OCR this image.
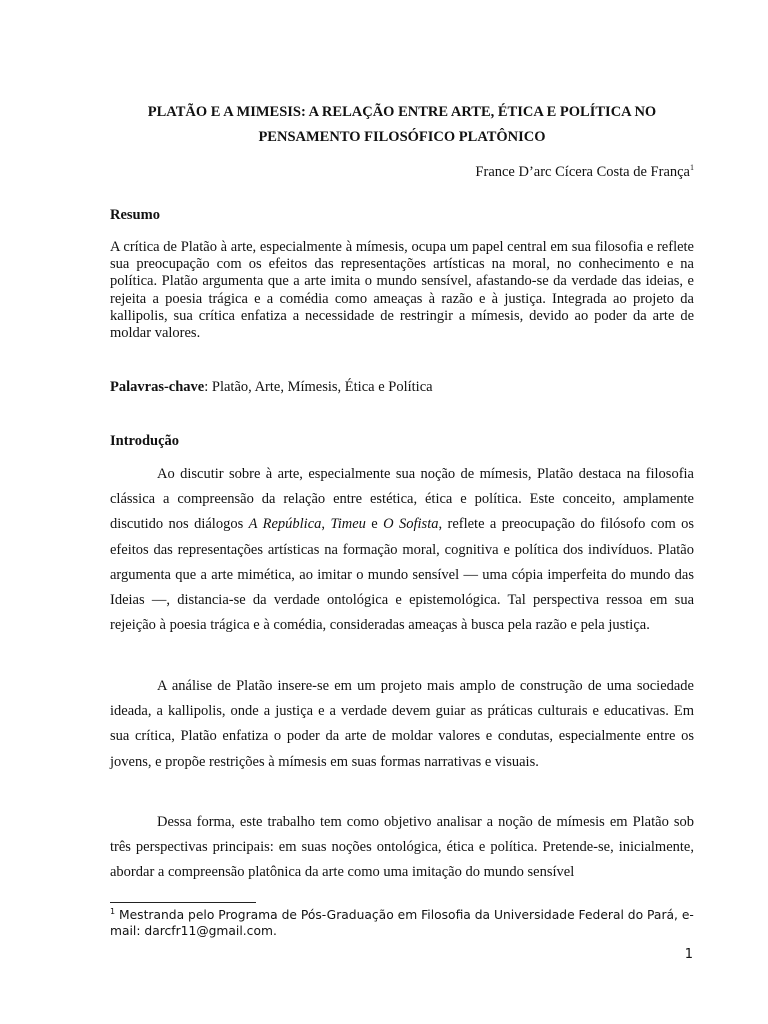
PLATÃO E A MIMESIS: A RELAÇÃO ENTRE ARTE, ÉTICA E POLÍTICA NO PENSAMENTO FILOSÓFICO PLATÔNICO
France D’arc Cícera Costa de França$^1$
Resumo

A crítica de Platão à arte, especialmente à mímesis, ocupa um papel central em sua filosofia e reflete sua preocupação com os efeitos das representações artísticas na moral, no conhecimento e na política. Platão argumenta que a arte imita o mundo sensível, afastando-se da verdade das ideias, e rejeita a poesia trágica e a comédia como ameaças à razão e à justiça. Integrada ao projeto da kallipolis, sua crítica enfatiza a necessidade de restringir a mímesis, devido ao poder da arte de moldar valores.

Palavras-chave: Platão, Arte, Mímesis, Ética e Política
Introdução

Ao discutir sobre à arte, especialmente sua noção de mímesis, Platão destaca na filosofia clássica a compreensão da relação entre estética, ética e política. Este conceito, amplamente discutido nos diálogos A República, Timeu e O Sofista, reflete a preocupação do filósofo com os efeitos das representações artísticas na formação moral, cognitiva e política dos indivíduos. Platão argumenta que a arte mimética, ao imitar o mundo sensível — uma cópia imperfeita do mundo das Ideias —, distancia-se da verdade ontológica e epistemológica. Tal perspectiva ressoa em sua rejeição à poesia trágica e à comédia, consideradas ameaças à busca pela razão e pela justiça.

A análise de Platão insere-se em um projeto mais amplo de construção de uma sociedade ideada, a kallipolis, onde a justiça e a verdade devem guiar as práticas culturais e educativas. Em sua crítica, Platão enfatiza o poder da arte de moldar valores e condutas, especialmente entre os jovens, e propõe restrições à mímesis em suas formas narrativas e visuais.

Dessa forma, este trabalho tem como objetivo analisar a noção de mímesis em Platão sob três perspectivas principais: em suas noções ontológica, ética e política. Pretende-se, inicialmente, abordar a compreensão platônica da arte como uma imitação do mundo sensível

$^1$ Mestranda pelo Programa de Pós-Graduação em Filosofia da Universidade Federal do Pará, e-mail: darcfr11@gmail.com.

1
